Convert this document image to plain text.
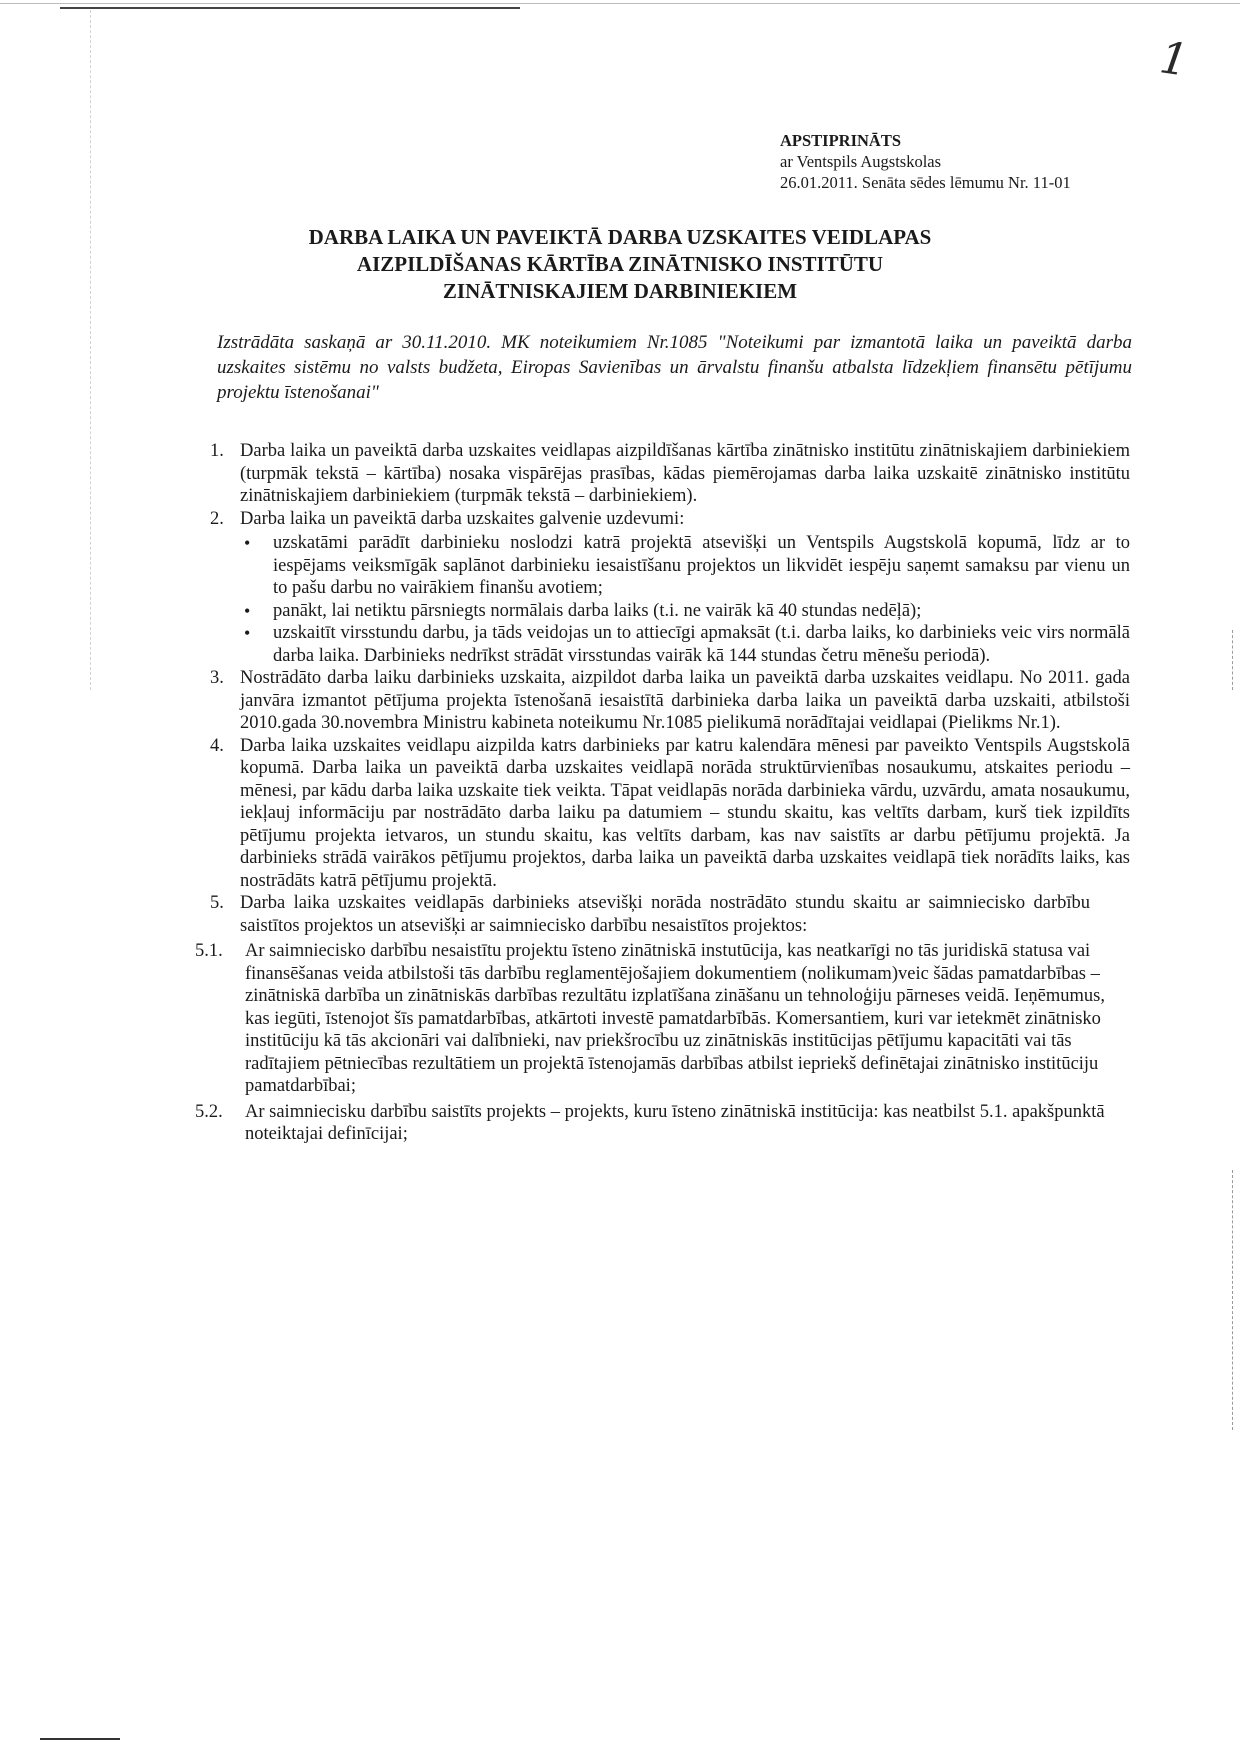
1
APSTIPRINĀTS
ar Ventspils Augstskolas
26.01.2011. Senāta sēdes lēmumu Nr. 11-01
DARBA LAIKA UN PAVEIKTĀ DARBA UZSKAITES VEIDLAPAS
AIZPILDĪŠANAS KĀRTĪBA ZINĀTNISKO INSTITŪTU
ZINĀTNISKAJIEM DARBINIEKIEM
Izstrādāta saskaņā ar 30.11.2010. MK noteikumiem Nr.1085 "Noteikumi par izmantotā laika un paveiktā darba uzskaites sistēmu no valsts budžeta, Eiropas Savienības un ārvalstu finanšu atbalsta līdzekļiem finansētu pētījumu projektu īstenošanai"
1. Darba laika un paveiktā darba uzskaites veidlapas aizpildīšanas kārtība zinātnisko institūtu zinātniskajiem darbiniekiem (turpmāk tekstā – kārtība) nosaka vispārējas prasības, kādas piemērojamas darba laika uzskaitē zinātnisko institūtu zinātniskajiem darbiniekiem (turpmāk tekstā – darbiniekiem).
2. Darba laika un paveiktā darba uzskaites galvenie uzdevumi:
• uzskatāmi parādīt darbinieku noslodzi katrā projektā atsevišķi un Ventspils Augstskolā kopumā, līdz ar to iespējams veiksmīgāk saplānot darbinieku iesaistīšanu projektos un likvidēt iespēju saņemt samaksu par vienu un to pašu darbu no vairākiem finanšu avotiem;
• panākt, lai netiktu pārsniegts normālais darba laiks (t.i. ne vairāk kā 40 stundas nedēļā);
• uzskaitīt virsstundu darbu, ja tāds veidojas un to attiecīgi apmaksāt (t.i. darba laiks, ko darbinieks veic virs normālā darba laika. Darbinieks nedrīkst strādāt virsstundas vairāk kā 144 stundas četru mēnešu periodā).
3. Nostrādāto darba laiku darbinieks uzskaita, aizpildot darba laika un paveiktā darba uzskaites veidlapu. No 2011. gada janvāra izmantot pētījuma projekta īstenošanā iesaistītā darbinieka darba laika un paveiktā darba uzskaiti, atbilstoši 2010.gada 30.novembra Ministru kabineta noteikumu Nr.1085 pielikumā norādītajai veidlapai (Pielikms Nr.1).
4. Darba laika uzskaites veidlapu aizpilda katrs darbinieks par katru kalendāra mēnesi par paveikto Ventspils Augstskolā kopumā. Darba laika un paveiktā darba uzskaites veidlapā norāda struktūrvienības nosaukumu, atskaites periodu – mēnesi, par kādu darba laika uzskaite tiek veikta. Tāpat veidlapās norāda darbinieka vārdu, uzvārdu, amata nosaukumu, iekļauj informāciju par nostrādāto darba laiku pa datumiem – stundu skaitu, kas veltīts darbam, kurš tiek izpildīts pētījumu projekta ietvaros, un stundu skaitu, kas veltīts darbam, kas nav saistīts ar darbu pētījumu projektā. Ja darbinieks strādā vairākos pētījumu projektos, darba laika un paveiktā darba uzskaites veidlapā tiek norādīts laiks, kas nostrādāts katrā pētījumu projektā.
5. Darba laika uzskaites veidlapās darbinieks atsevišķi norāda nostrādāto stundu skaitu ar saimniecisko darbību saistītos projektos un atsevišķi ar saimniecisko darbību nesaistītos projektos:
5.1. Ar saimniecisko darbību nesaistītu projektu īsteno zinātniskā instutūcija, kas neatkarīgi no tās juridiskā statusa vai finansēšanas veida atbilstoši tās darbību reglamentējošajiem dokumentiem (nolikumam)veic šādas pamatdarbības – zinātniskā darbība un zinātniskās darbības rezultātu izplatīšana zināšanu un tehnoloģiju pārneses veidā. Ieņēmumus, kas iegūti, īstenojot šīs pamatdarbības, atkārtoti investē pamatdarbībās. Komersantiem, kuri var ietekmēt zinātnisko institūciju kā tās akcionāri vai dalībnieki, nav priekšrocību uz zinātniskās institūcijas pētījumu kapacitāti vai tās radītajiem pētniecības rezultātiem un projektā īstenojamās darbības atbilst iepriekš definētajai zinātnisko institūciju pamatdarbībai;
5.2. Ar saimniecisku darbību saistīts projekts – projekts, kuru īsteno zinātniskā institūcija: kas neatbilst 5.1. apakšpunktā noteiktajai definīcijai;
